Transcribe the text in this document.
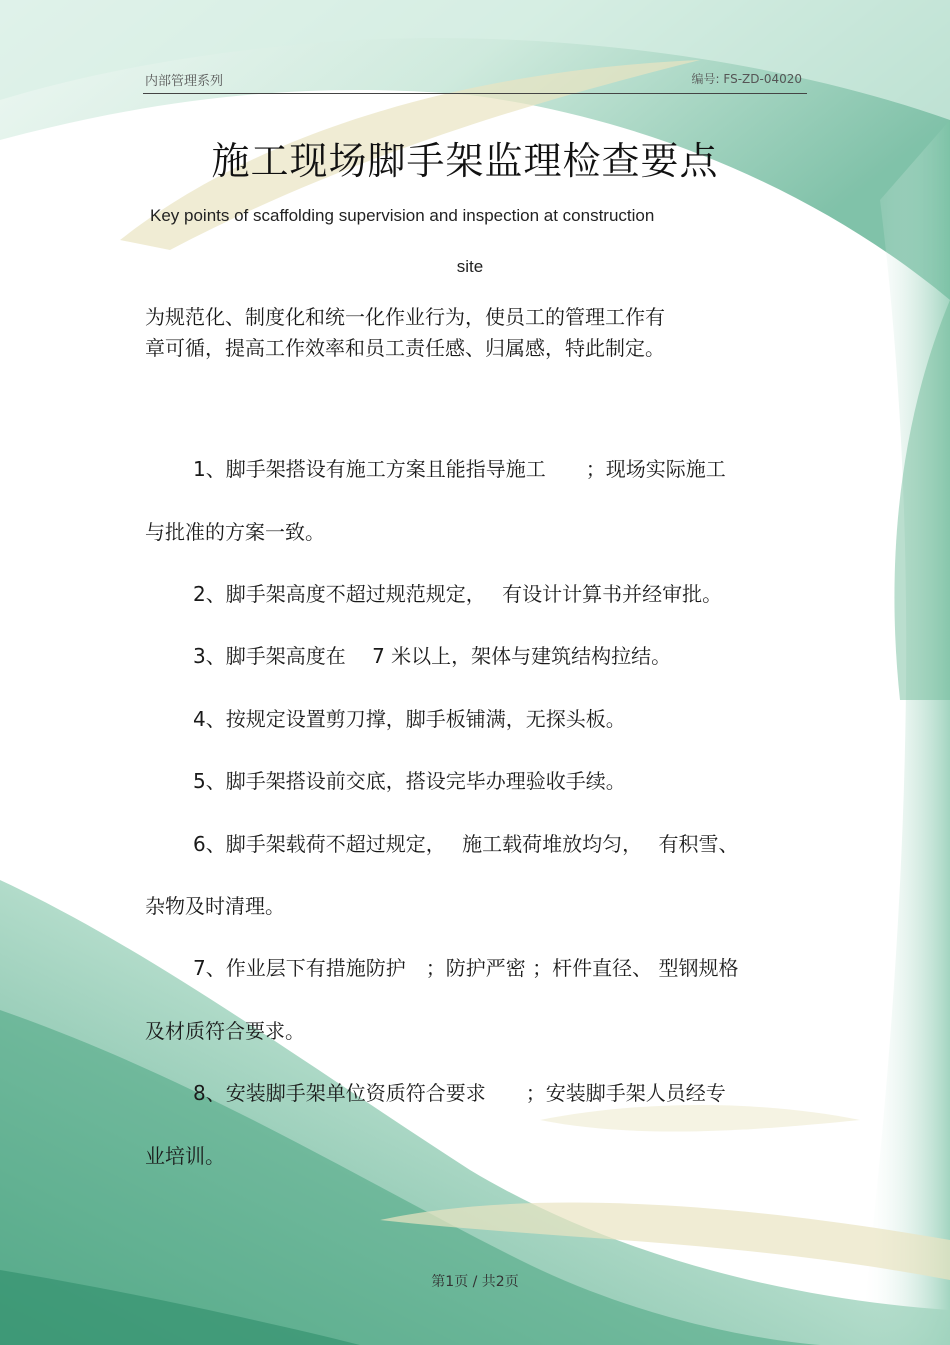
内部管理系列	编号: FS-ZD-04020
施工现场脚手架监理检查要点
Key points of scaffolding supervision and inspection at construction
site
为规范化、制度化和统一化作业行为，使员工的管理工作有
章可循，提高工作效率和员工责任感、归属感，特此制定。
1、脚手架搭设有施工方案且能指导施工　　；现场实际施工
与批准的方案一致。
2、脚手架高度不超过规范规定，　 有设计计算书并经审批。
3、脚手架高度在　 7 米以上，架体与建筑结构拉结。
4、按规定设置剪刀撑，脚手板铺满，无探头板。
5、脚手架搭设前交底，搭设完毕办理验收手续。
6、脚手架载荷不超过规定，　 施工载荷堆放均匀，　 有积雪、
杂物及时清理。
7、作业层下有措施防护　；防护严密 ；杆件直径、 型钢规格
及材质符合要求。
8、安装脚手架单位资质符合要求　　；安装脚手架人员经专
业培训。
第1页 / 共2页
